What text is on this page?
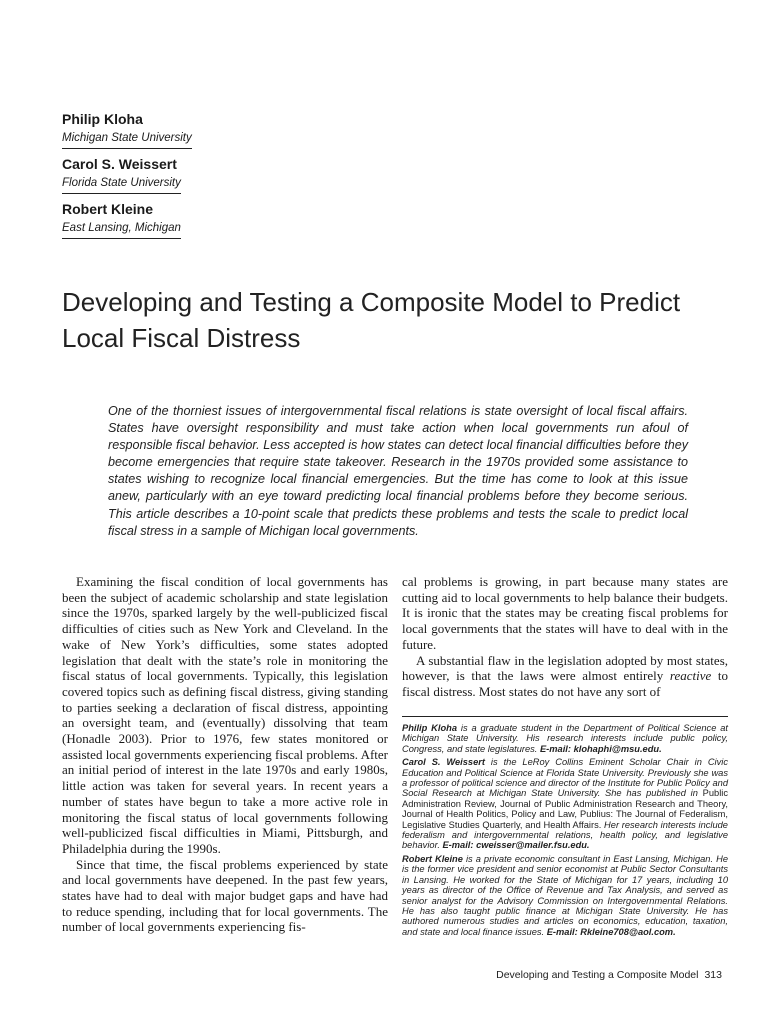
Philip Kloha
Michigan State University
Carol S. Weissert
Florida State University
Robert Kleine
East Lansing, Michigan
Developing and Testing a Composite Model to Predict Local Fiscal Distress
One of the thorniest issues of intergovernmental fiscal relations is state oversight of local fiscal affairs. States have oversight responsibility and must take action when local governments run afoul of responsible fiscal behavior. Less accepted is how states can detect local financial difficulties before they become emergencies that require state takeover. Research in the 1970s provided some assistance to states wishing to recognize local financial emergencies. But the time has come to look at this issue anew, particularly with an eye toward predicting local financial problems before they become serious. This article describes a 10-point scale that predicts these problems and tests the scale to predict local fiscal stress in a sample of Michigan local governments.

Examining the fiscal condition of local governments has been the subject of academic scholarship and state legislation since the 1970s, sparked largely by the well-publicized fiscal difficulties of cities such as New York and Cleveland. In the wake of New York’s difficulties, some states adopted legislation that dealt with the state’s role in monitoring the fiscal status of local governments. Typically, this legislation covered topics such as defining fiscal distress, giving standing to parties seeking a declaration of fiscal distress, appointing an oversight team, and (eventually) dissolving that team (Honadle 2003). Prior to 1976, few states monitored or assisted local governments experiencing fiscal problems. After an initial period of interest in the late 1970s and early 1980s, little action was taken for several years. In recent years a number of states have begun to take a more active role in monitoring the fiscal status of local governments following well-publicized fiscal difficulties in Miami, Pittsburgh, and Philadelphia during the 1990s.

Since that time, the fiscal problems experienced by state and local governments have deepened. In the past few years, states have had to deal with major budget gaps and have had to reduce spending, including that for local governments. The number of local governments experiencing fis-

cal problems is growing, in part because many states are cutting aid to local governments to help balance their budgets. It is ironic that the states may be creating fiscal problems for local governments that the states will have to deal with in the future.

A substantial flaw in the legislation adopted by most states, however, is that the laws were almost entirely reactive to fiscal distress. Most states do not have any sort of

Philip Kloha is a graduate student in the Department of Political Science at Michigan State University. His research interests include public policy, Congress, and state legislatures. E-mail: klohaphi@msu.edu.

Carol S. Weissert is the LeRoy Collins Eminent Scholar Chair in Civic Education and Political Science at Florida State University. Previously she was a professor of political science and director of the Institute for Public Policy and Social Research at Michigan State University. She has published in Public Administration Review, Journal of Public Administration Research and Theory, Journal of Health Politics, Policy and Law, Publius: The Journal of Federalism, Legislative Studies Quarterly, and Health Affairs. Her research interests include federalism and intergovernmental relations, health policy, and legislative behavior. E-mail: cweisser@mailer.fsu.edu.

Robert Kleine is a private economic consultant in East Lansing, Michigan. He is the former vice president and senior economist at Public Sector Consultants in Lansing. He worked for the State of Michigan for 17 years, including 10 years as director of the Office of Revenue and Tax Analysis, and served as senior analyst for the Advisory Commission on Intergovernmental Relations. He has also taught public finance at Michigan State University. He has authored numerous studies and articles on economics, education, taxation, and state and local finance issues. E-mail: Rkleine708@aol.com.

Developing and Testing a Composite Model 313
